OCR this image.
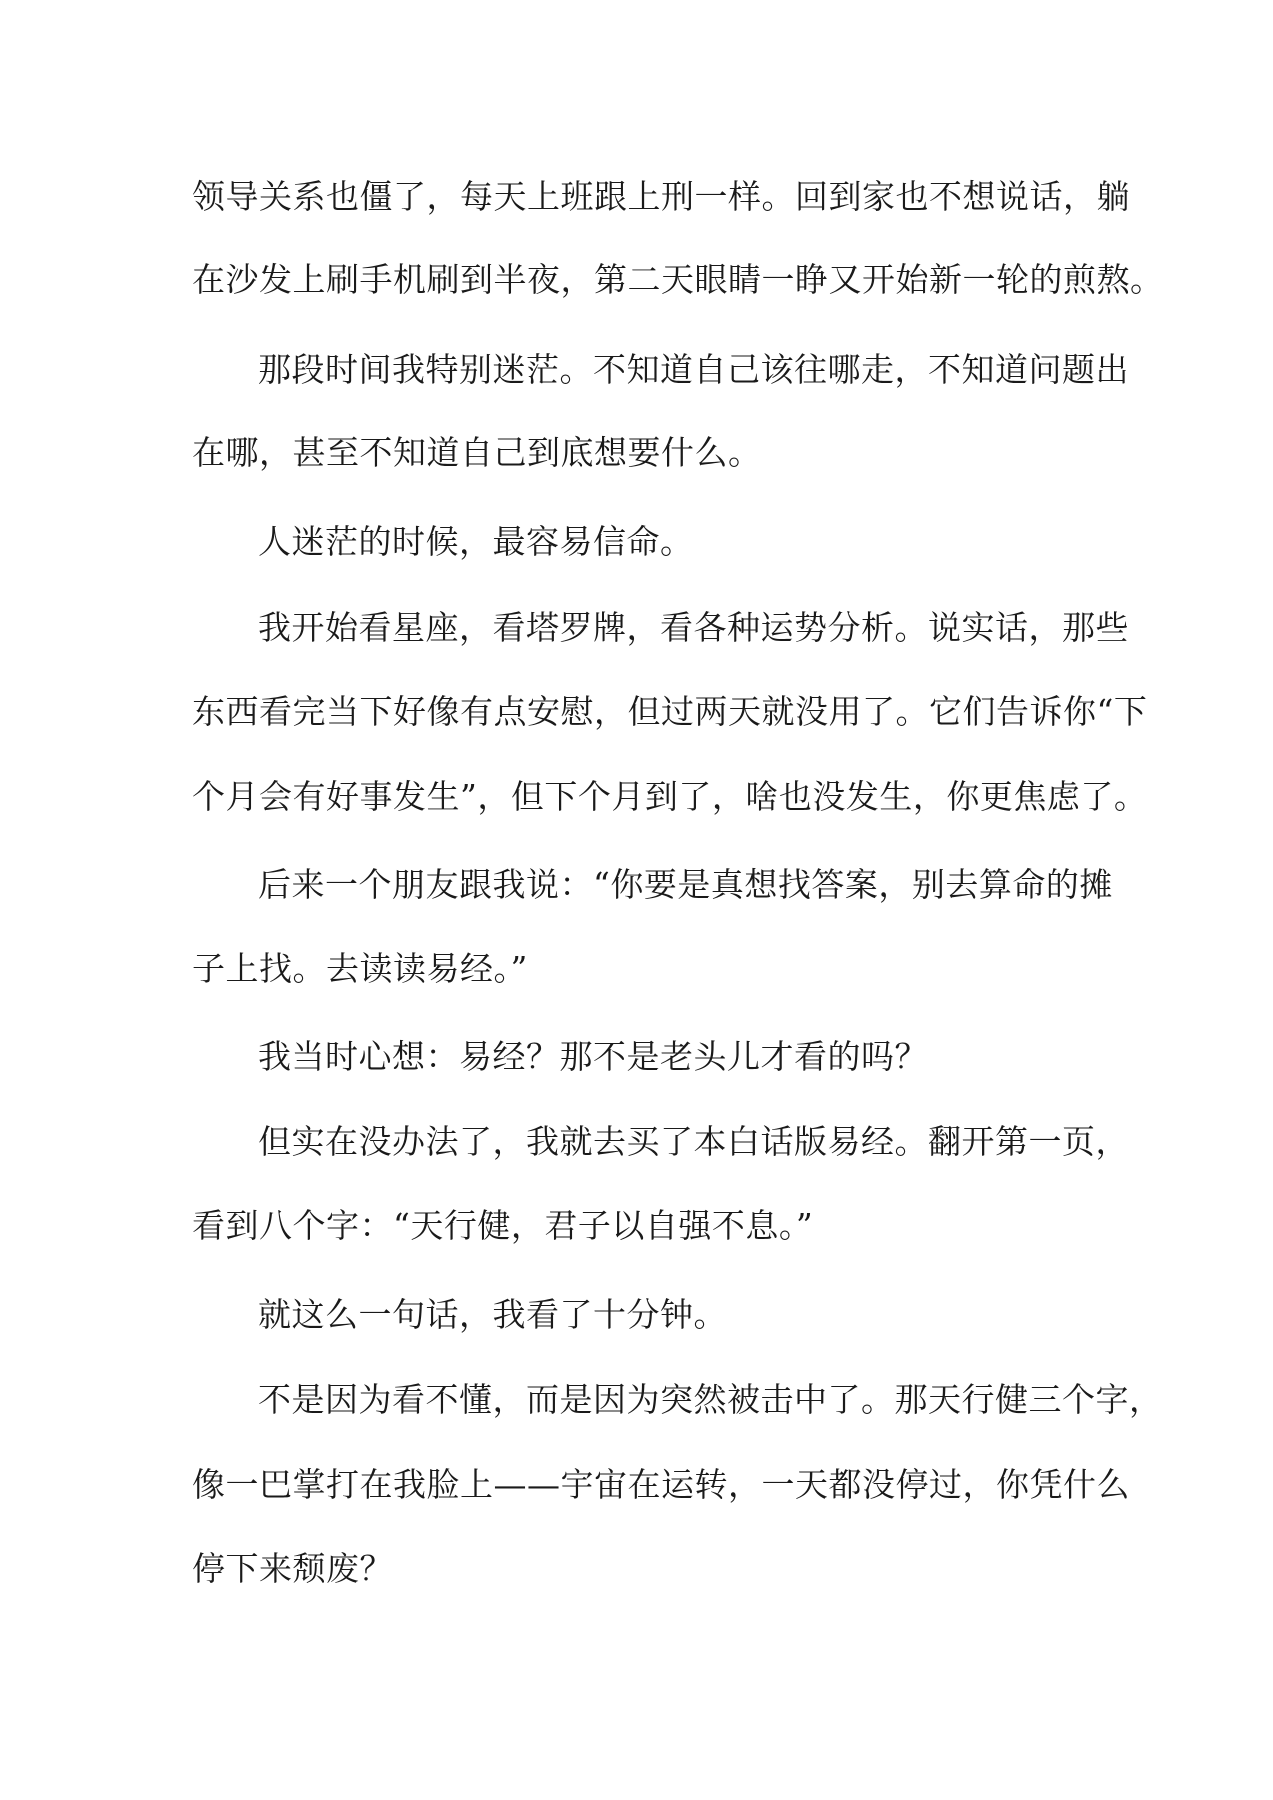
领导关系也僵了，每天上班跟上刑一样。回到家也不想说话，躺
在沙发上刷手机刷到半夜，第二天眼睛一睁又开始新一轮的煎熬。
那段时间我特别迷茫。不知道自己该往哪走，不知道问题出
在哪，甚至不知道自己到底想要什么。
人迷茫的时候，最容易信命。
我开始看星座，看塔罗牌，看各种运势分析。说实话，那些
东西看完当下好像有点安慰，但过两天就没用了。它们告诉你“下
个月会有好事发生”，但下个月到了，啥也没发生，你更焦虑了。
后来一个朋友跟我说：“你要是真想找答案，别去算命的摊
子上找。去读读易经。”
我当时心想：易经？那不是老头儿才看的吗？
但实在没办法了，我就去买了本白话版易经。翻开第一页，
看到八个字：“天行健，君子以自强不息。”
就这么一句话，我看了十分钟。
不是因为看不懂，而是因为突然被击中了。那天行健三个字，
像一巴掌打在我脸上——宇宙在运转，一天都没停过，你凭什么
停下来颓废？
